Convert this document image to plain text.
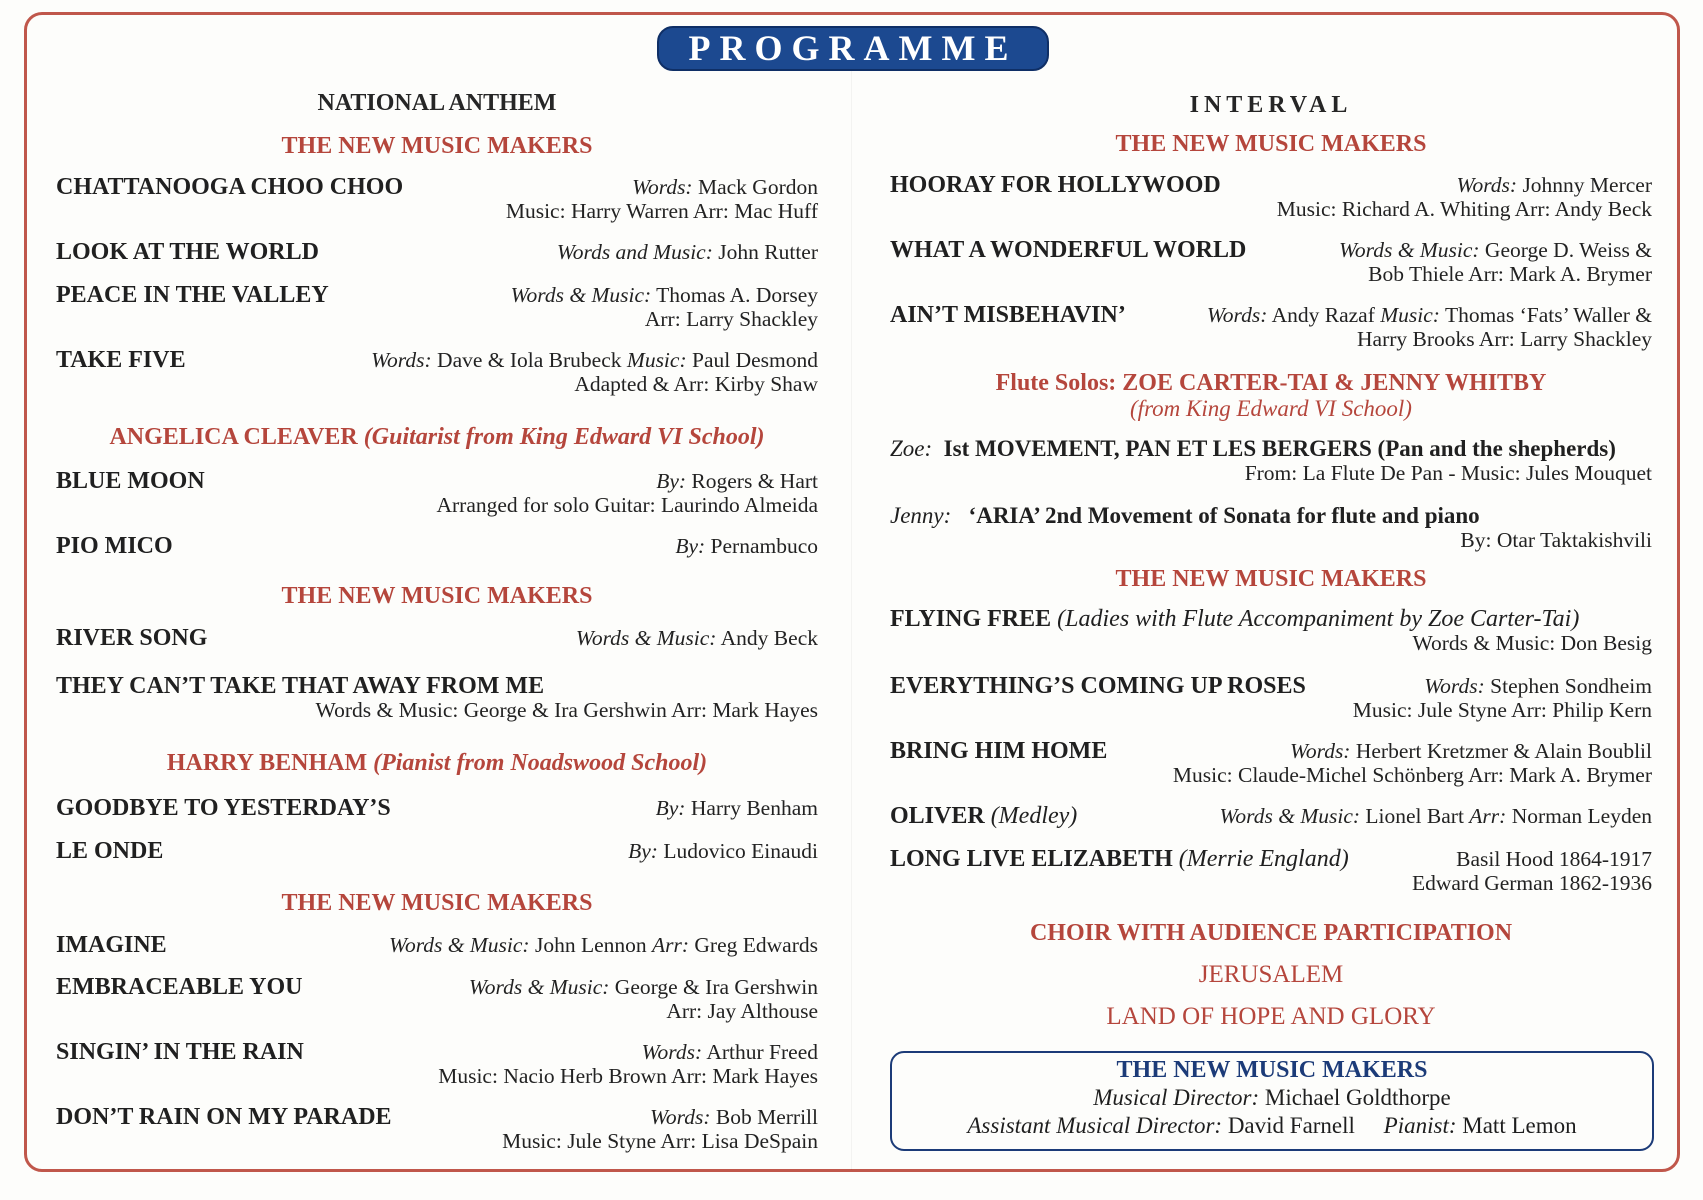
PROGRAMME
NATIONAL ANTHEM
THE NEW MUSIC MAKERS
CHATTANOOGA CHOO CHOO	Words: Mack Gordon
Music: Harry Warren Arr: Mac Huff
LOOK AT THE WORLD	Words and Music: John Rutter
PEACE IN THE VALLEY	Words & Music: Thomas A. Dorsey
Arr: Larry Shackley
TAKE FIVE	Words: Dave & Iola Brubeck Music: Paul Desmond
Adapted & Arr: Kirby Shaw
ANGELICA CLEAVER (Guitarist from King Edward VI School)
BLUE MOON	By: Rogers & Hart
Arranged for solo Guitar: Laurindo Almeida
PIO MICO	By: Pernambuco
THE NEW MUSIC MAKERS
RIVER SONG	Words & Music: Andy Beck
THEY CAN’T TAKE THAT AWAY FROM ME
Words & Music: George & Ira Gershwin Arr: Mark Hayes
HARRY BENHAM (Pianist from Noadswood School)
GOODBYE TO YESTERDAY’S	By: Harry Benham
LE ONDE	By: Ludovico Einaudi
THE NEW MUSIC MAKERS
IMAGINE	Words & Music: John Lennon Arr: Greg Edwards
EMBRACEABLE YOU	Words & Music: George & Ira Gershwin
Arr: Jay Althouse
SINGIN’ IN THE RAIN	Words: Arthur Freed
Music: Nacio Herb Brown Arr: Mark Hayes
DON’T RAIN ON MY PARADE	Words: Bob Merrill
Music: Jule Styne Arr: Lisa DeSpain
INTERVAL
THE NEW MUSIC MAKERS
HOORAY FOR HOLLYWOOD	Words: Johnny Mercer
Music: Richard A. Whiting Arr: Andy Beck
WHAT A WONDERFUL WORLD	Words & Music: George D. Weiss &
Bob Thiele Arr: Mark A. Brymer
AIN’T MISBEHAVIN’	Words: Andy Razaf Music: Thomas ‘Fats’ Waller &
Harry Brooks Arr: Larry Shackley
Flute Solos: ZOE CARTER-TAI & JENNY WHITBY
(from King Edward VI School)
Zoe: Ist MOVEMENT, PAN ET LES BERGERS (Pan and the shepherds)
From: La Flute De Pan - Music: Jules Mouquet
Jenny: ‘ARIA’ 2nd Movement of Sonata for flute and piano
By: Otar Taktakishvili
THE NEW MUSIC MAKERS
FLYING FREE (Ladies with Flute Accompaniment by Zoe Carter-Tai)
Words & Music: Don Besig
EVERYTHING’S COMING UP ROSES	Words: Stephen Sondheim
Music: Jule Styne Arr: Philip Kern
BRING HIM HOME	Words: Herbert Kretzmer & Alain Boublil
Music: Claude-Michel Schönberg Arr: Mark A. Brymer
OLIVER (Medley)	Words & Music: Lionel Bart Arr: Norman Leyden
LONG LIVE ELIZABETH (Merrie England)	Basil Hood 1864-1917
Edward German 1862-1936
CHOIR WITH AUDIENCE PARTICIPATION
JERUSALEM
LAND OF HOPE AND GLORY
THE NEW MUSIC MAKERS
Musical Director: Michael Goldthorpe
Assistant Musical Director: David Farnell Pianist: Matt Lemon
